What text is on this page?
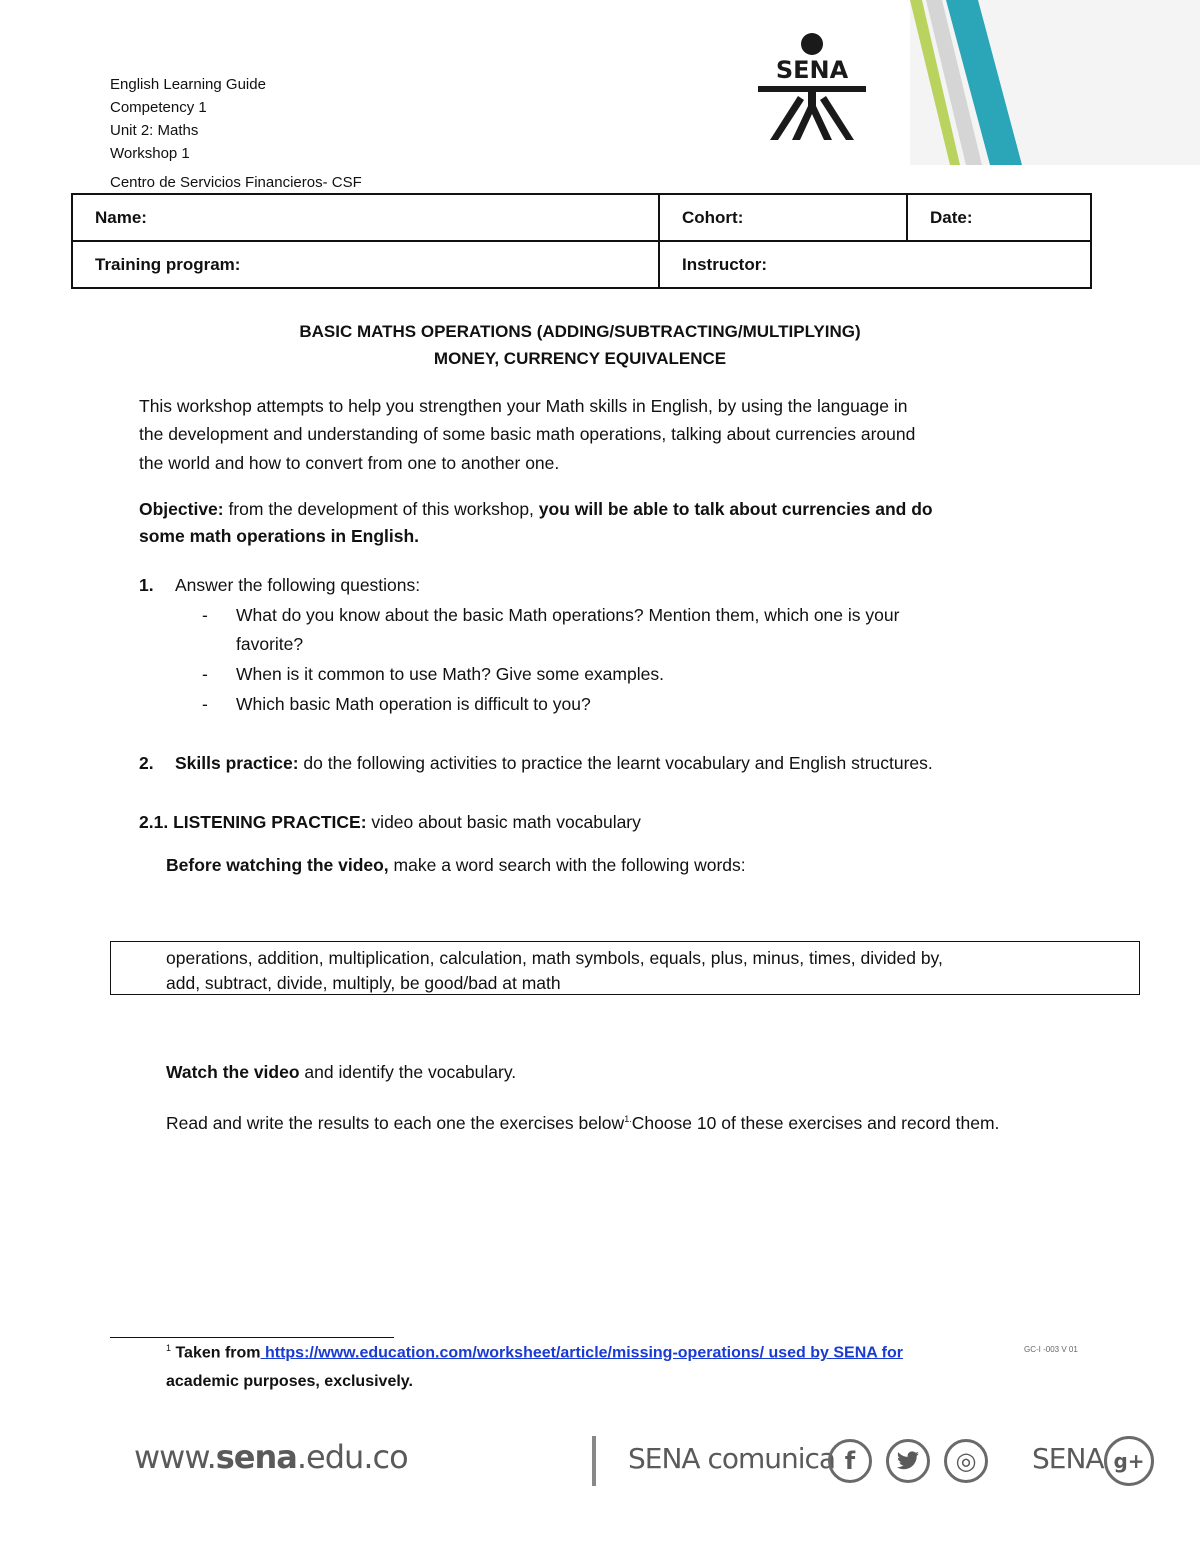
English Learning Guide
Competency 1
Unit 2: Maths
Workshop 1
Centro de Servicios Financieros- CSF
SENA
Name:	Cohort:	Date:
Training program:	Instructor:	
BASIC MATHS OPERATIONS (ADDING/SUBTRACTING/MULTIPLYING)
MONEY, CURRENCY EQUIVALENCE
This workshop attempts to help you strengthen your Math skills in English, by using the language in
the development and understanding of some basic math operations, talking about currencies around
the world and how to convert from one to another one.
Objective: from the development of this workshop, you will be able to talk about currencies and do
some math operations in English.
1. Answer the following questions:
- What do you know about the basic Math operations? Mention them, which one is your
favorite?
- When is it common to use Math? Give some examples.
- Which basic Math operation is difficult to you?
2. Skills practice: do the following activities to practice the learnt vocabulary and English structures.
2.1. LISTENING PRACTICE: video about basic math vocabulary
Before watching the video, make a word search with the following words:
operations, addition, multiplication, calculation, math symbols, equals, plus, minus, times, divided by,
add, subtract, divide, multiply, be good/bad at math
Watch the video and identify the vocabulary.
Read and write the results to each one the exercises below$^{1.}$Choose 10 of these exercises and record them.
$^1$ Taken from https://www.education.com/worksheet/article/missing-operations/ used by SENA for
academic purposes, exclusively.
GC-I -003 V 01
www.sena.edu.co	SENA comunica f	◎	SENA g+
